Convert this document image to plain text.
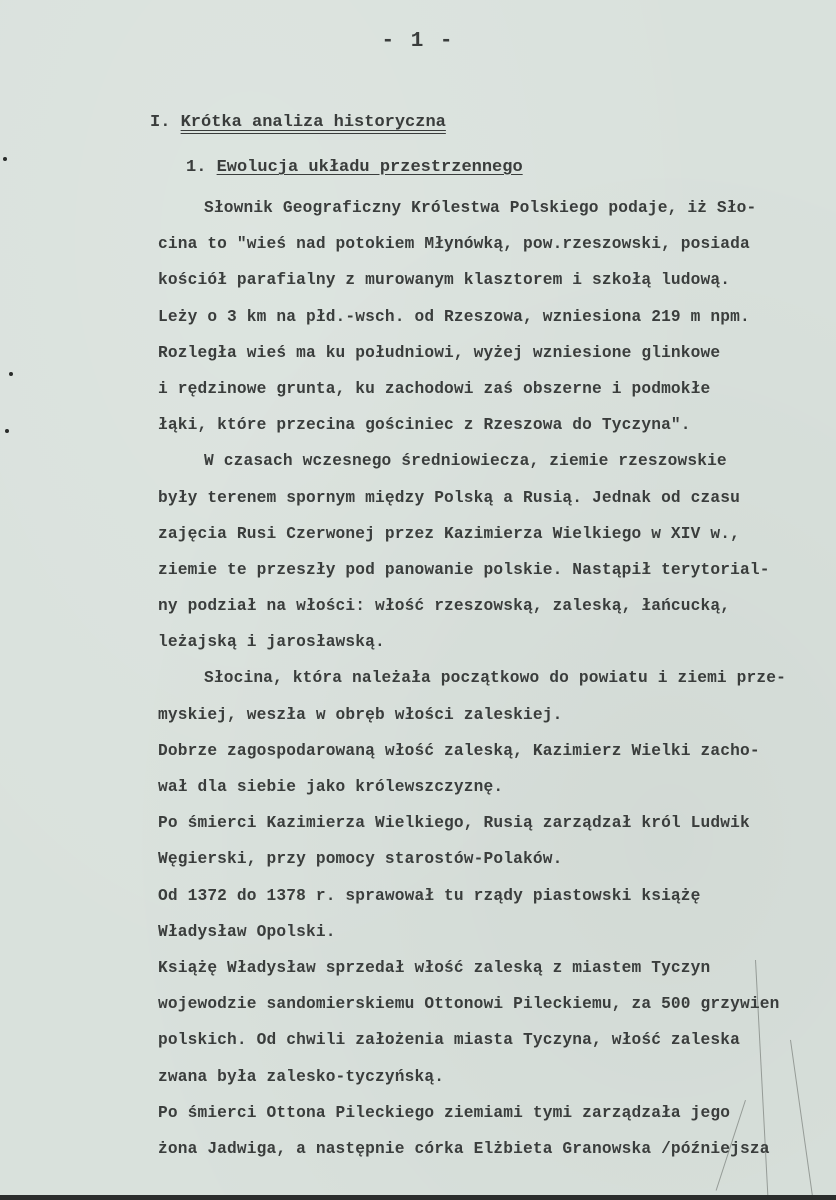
- 1 -
I. Krótka analiza historyczna
1. Ewolucja układu przestrzennego
Słownik Geograficzny Królestwa Polskiego podaje, iż Sło-
cina to "wieś nad potokiem Młynówką, pow.rzeszowski, posiada
kościół parafialny z murowanym klasztorem i szkołą ludową.
Leży o 3 km na płd.-wsch. od Rzeszowa, wzniesiona 219 m npm.
Rozległa wieś ma ku południowi, wyżej wzniesione glinkowe
i rędzinowe grunta, ku zachodowi zaś obszerne i podmokłe
łąki, które przecina gościniec z Rzeszowa do Tyczyna".
W czasach wczesnego średniowiecza, ziemie rzeszowskie
były terenem spornym między Polską a Rusią. Jednak od czasu
zajęcia Rusi Czerwonej przez Kazimierza Wielkiego w XIV w.,
ziemie te przeszły pod panowanie polskie. Nastąpił terytorial-
ny podział na włości: włość rzeszowską, zaleską, łańcucką,
leżajską i jarosławską.
Słocina, która należała początkowo do powiatu i ziemi prze-
myskiej, weszła w obręb włości zaleskiej.
Dobrze zagospodarowaną włość zaleską, Kazimierz Wielki zacho-
wał dla siebie jako królewszczyznę.
Po śmierci Kazimierza Wielkiego, Rusią zarządzał król Ludwik
Węgierski, przy pomocy starostów-Polaków.
Od 1372 do 1378 r. sprawował tu rządy piastowski książę
Władysław Opolski.
Książę Władysław sprzedał włość zaleską z miastem Tyczyn
wojewodzie sandomierskiemu Ottonowi Pileckiemu, za 500 grzywien
polskich. Od chwili założenia miasta Tyczyna, włość zaleska
zwana była zalesko-tyczyńską.
Po śmierci Ottona Pileckiego ziemiami tymi zarządzała jego
żona Jadwiga, a następnie córka Elżbieta Granowska /późniejsza
